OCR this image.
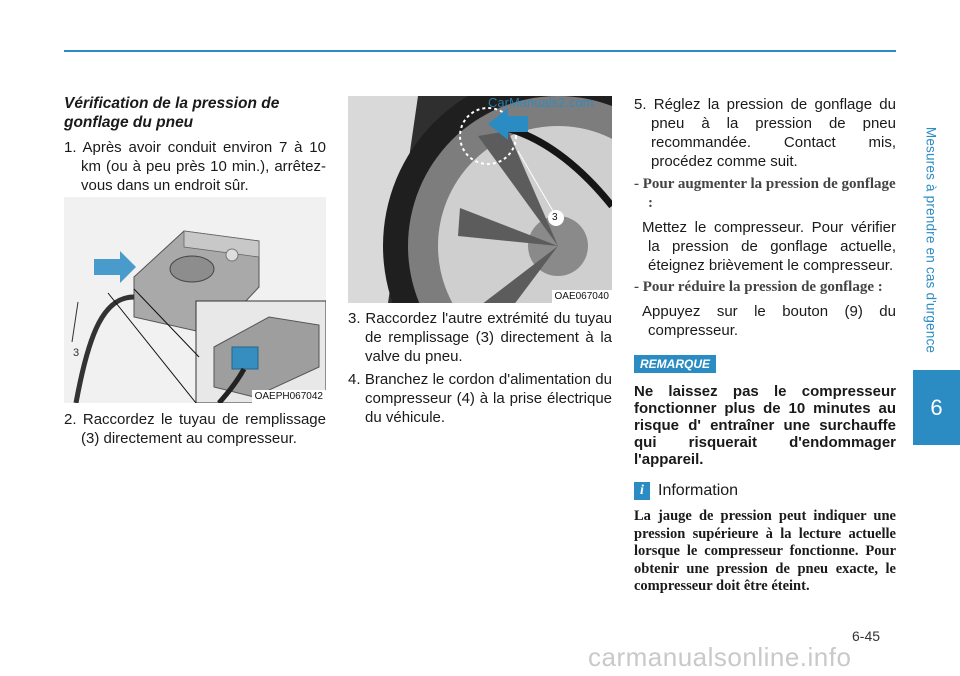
Mesures à prendre en cas d'urgence
6
Vérification de la pression de gonflage du pneu
1. Après avoir conduit environ 7 à 10 km (ou à peu près 10 min.), arrêtez-vous dans un endroit sûr.
3
OAEPH067042
2. Raccordez le tuyau de remplissage (3) directement au compresseur.
3
CarManuals2.com
OAE067040
3. Raccordez l'autre extrémité du tuyau de remplissage (3) directement à la valve du pneu.
4. Branchez le cordon d'alimentation du compresseur (4) à la prise électrique du véhicule.
5. Réglez la pression de gonflage du pneu à la pression de pneu recommandée. Contact mis, procédez comme suit.
- Pour augmenter la pression de gonflage :
Mettez le compresseur. Pour vérifier la pression de gonflage actuelle, éteignez brièvement le compresseur.
- Pour réduire la pression de gonflage :
Appuyez sur le bouton (9) du compresseur.
REMARQUE
Ne laissez pas le compresseur fonctionner plus de 10 minutes au risque d' entraîner une surchauffe qui risquerait d'endommager l'appareil.
i Information
La jauge de pression peut indiquer une pression supérieure à la lecture actuelle lorsque le compresseur fonctionne. Pour obtenir une pression de pneu exacte, le compresseur doit être éteint.
6-45
carmanualsonline.info
